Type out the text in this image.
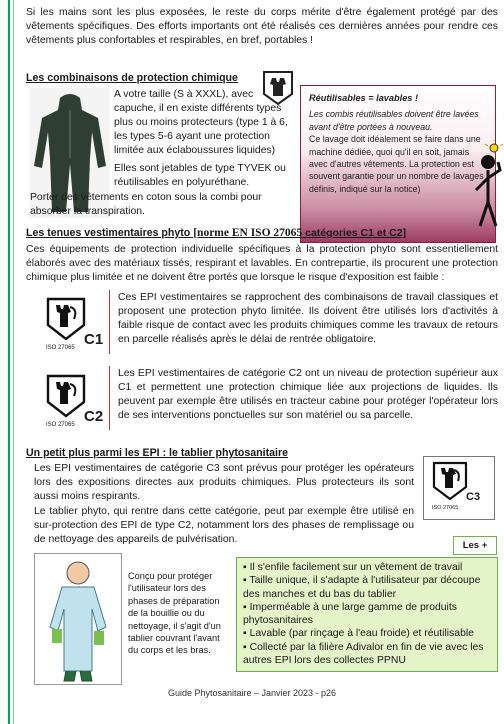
Si les mains sont les plus exposées, le reste du corps mérite d'être également protégé par des vêtements spécifiques. Des efforts importants ont été réalisés ces dernières années pour rendre ces vêtements plus confortables et respirables, en bref, portables !

Les combinaisons de protection chimique
A votre taille (S à XXXL), avec capuche, il en existe différents types plus ou moins protecteurs (type 1 à 6, les types 5-6 ayant une protection limitée aux éclaboussures liquides)
Elles sont jetables de type TYVEK ou réutilisables en polyuréthane.
Porter des vêtements en coton sous la combi pour absorber la transpiration.
Réutilisables = lavables !
Les combis réutilisables doivent être lavées avant d'être portées à nouveau.
Ce lavage doit idéalement se faire dans une machine dédiée, quoi qu'il en soit, jamais avec d'autres vêtements. La protection est souvent garantie pour un nombre de lavages définis, indiqué sur la notice)
Les tenues vestimentaires phyto [norme EN ISO 27065 catégories C1 et C2]
Ces équipements de protection individuelle spécifiques à la protection phyto sont essentiellement élaborés avec des matériaux tissés, respirant et lavables. En contrepartie, ils procurent une protection chimique plus limitée et ne doivent être portés que lorsque le risque d'exposition est faible :
C1
ISO 27065
Ces EPI vestimentaires se rapprochent des combinaisons de travail classiques et proposent une protection phyto limitée. Ils doivent être utilisés lors d'activités à faible risque de contact avec les produits chimiques comme les travaux de retours en parcelle réalisés après le délai de rentrée obligatoire.
C2
ISO 27065
Les EPI vestimentaires de catégorie C2 ont un niveau de protection supérieur aux C1 et permettent une protection chimique liée aux projections de liquides. Ils peuvent par exemple être utilisés en tracteur cabine pour protéger l'opérateur lors de ses interventions ponctuelles sur son matériel ou sa parcelle.
Un petit plus parmi les EPI : le tablier phytosanitaire
Les EPI vestimentaires de catégorie C3 sont prévus pour protéger les opérateurs lors des expositions directes aux produits chimiques. Plus protecteurs ils sont aussi moins respirants.
Le tablier phyto, qui rentre dans cette catégorie, peut par exemple être utilisé en sur-protection des EPI de type C2, notamment lors des phases de remplissage ou de nettoyage des appareils de pulvérisation.
C3
ISO 27065
Les +
Conçu pour protéger l'utilisateur lors des phases de préparation de la bouillie ou du nettoyage, il s'agit d'un tablier couvrant l'avant du corps et les bras.
▪ Il s'enfile facilement sur un vêtement de travail
▪ Taille unique, il s'adapte à l'utilisateur par découpe des manches et du bas du tablier
▪ Imperméable à une large gamme de produits phytosanitaires
▪ Lavable (par rinçage à l'eau froide) et réutilisable
▪ Collecté par la filière Adivalor en fin de vie avec les autres EPI lors des collectes PPNU
Guide Phytosanitaire – Janvier 2023 - p26
